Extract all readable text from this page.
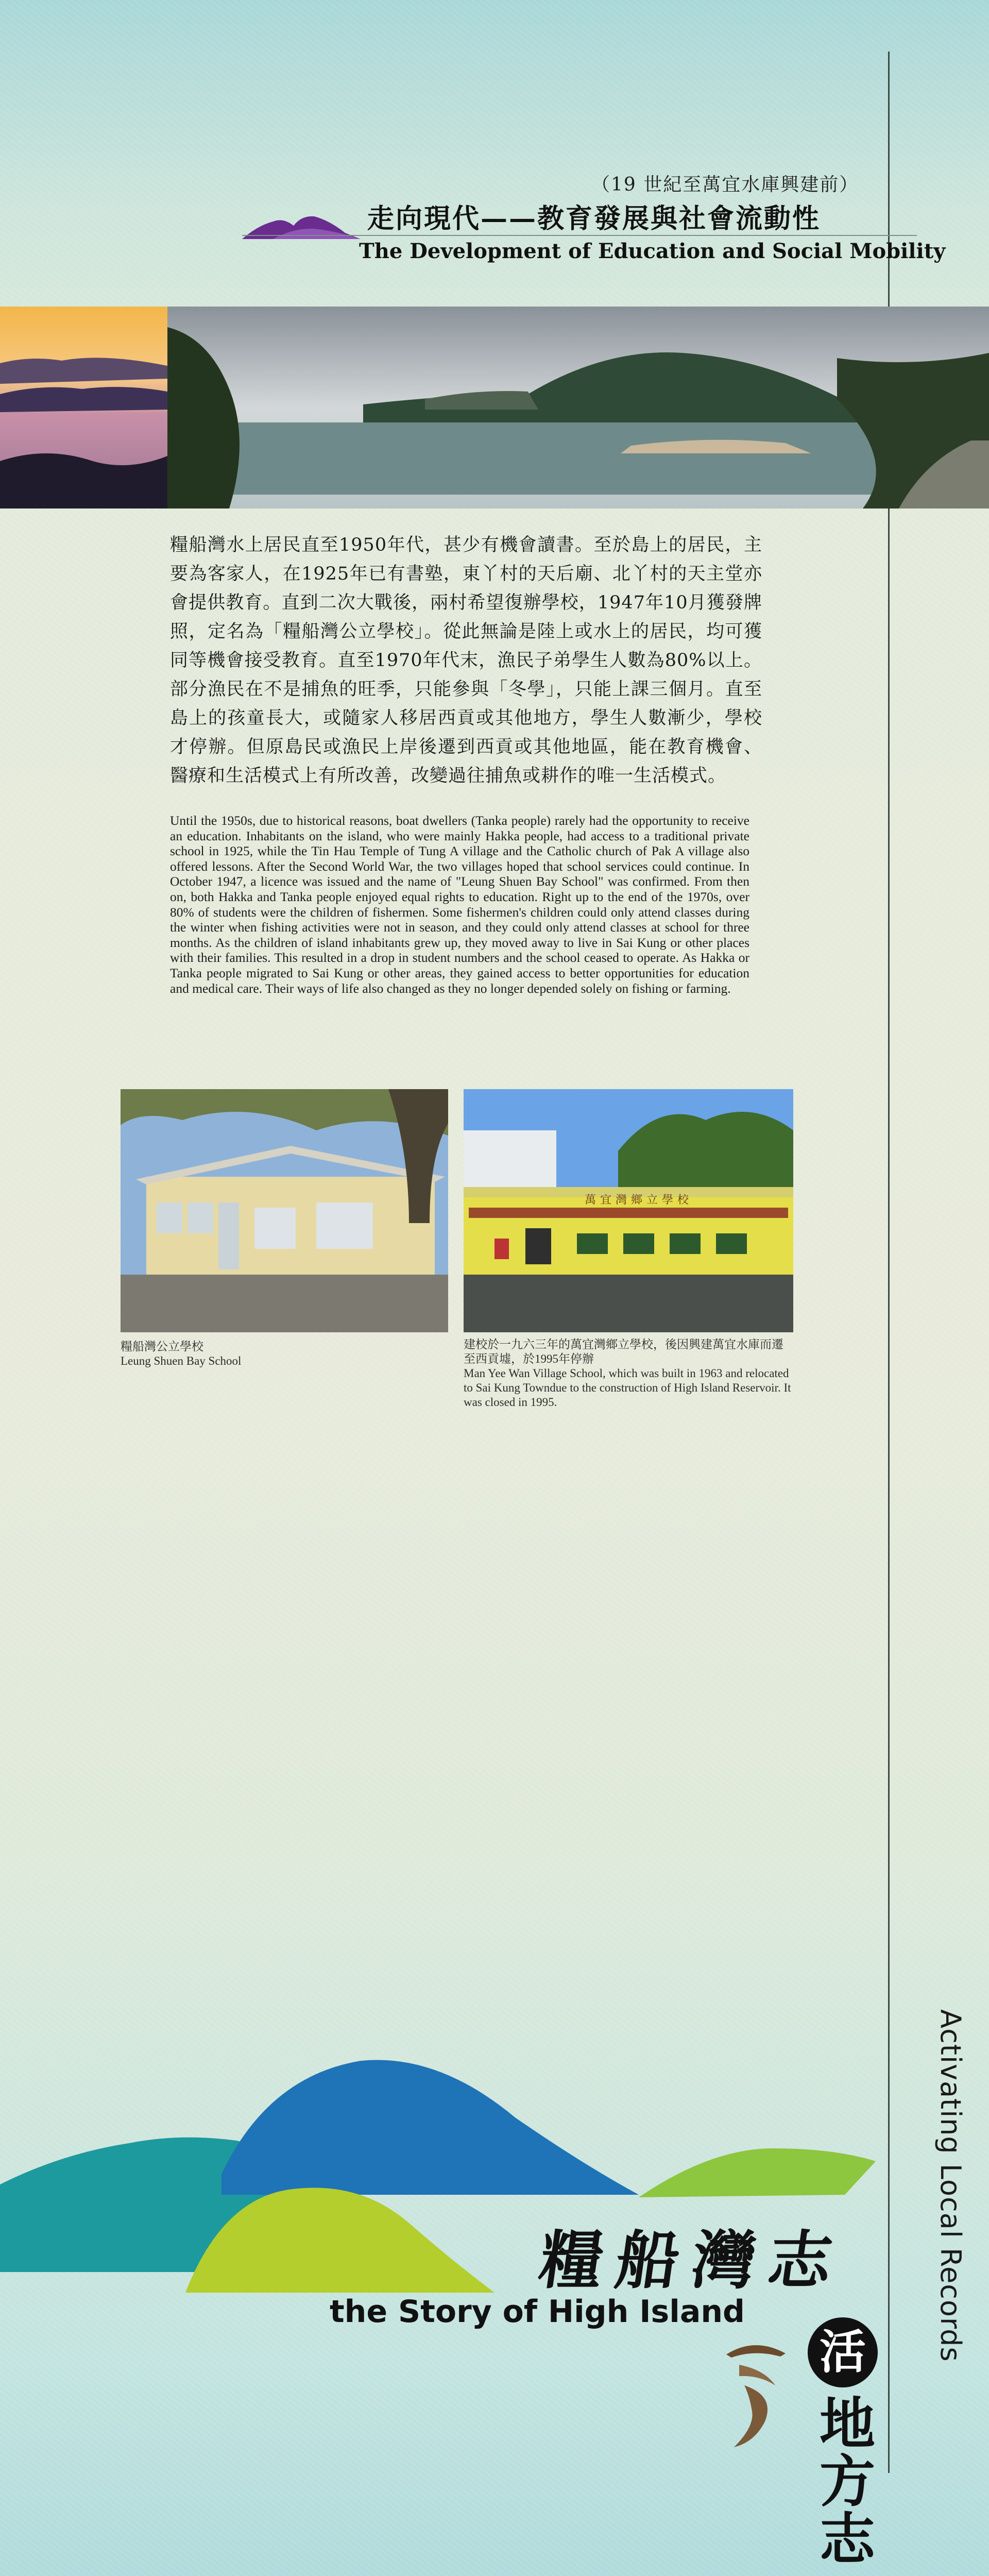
（19 世紀至萬宜水庫興建前）
走向現代——教育發展與社會流動性
The Development of Education and Social Mobility
糧船灣水上居民直至1950年代，甚少有機會讀書。至於島上的居民，主要為客家人，在1925年已有書塾，東丫村的天后廟、北丫村的天主堂亦會提供教育。直到二次大戰後，兩村希望復辦學校，1947年10月獲發牌照，定名為「糧船灣公立學校」。從此無論是陸上或水上的居民，均可獲同等機會接受教育。直至1970年代末，漁民子弟學生人數為80%以上。部分漁民在不是捕魚的旺季，只能參與「冬學」，只能上課三個月。直至島上的孩童長大，或隨家人移居西貢或其他地方，學生人數漸少，學校才停辦。但原島民或漁民上岸後遷到西貢或其他地區，能在教育機會、醫療和生活模式上有所改善，改變過往捕魚或耕作的唯一生活模式。
Until the 1950s, due to historical reasons, boat dwellers (Tanka people) rarely had the opportunity to receive an education. Inhabitants on the island, who were mainly Hakka people, had access to a traditional private school in 1925, while the Tin Hau Temple of Tung A village and the Catholic church of Pak A village also offered lessons. After the Second World War, the two villages hoped that school services could continue. In October 1947, a licence was issued and the name of "Leung Shuen Bay School" was confirmed. From then on, both Hakka and Tanka people enjoyed equal rights to education. Right up to the end of the 1970s, over 80% of students were the children of fishermen. Some fishermen's children could only attend classes during the winter when fishing activities were not in season, and they could only attend classes at school for three months. As the children of island inhabitants grew up, they moved away to live in Sai Kung or other places with their families. This resulted in a drop in student numbers and the school ceased to operate. As Hakka or Tanka people migrated to Sai Kung or other areas, they gained access to better opportunities for education and medical care. Their ways of life also changed as they no longer depended solely on fishing or farming.
萬宜灣鄉立學校
糧船灣公立學校
Leung Shuen Bay School
建校於一九六三年的萬宜灣鄉立學校，後因興建萬宜水庫而遷至西貢墟，於1995年停辦
Man Yee Wan Village School, which was built in 1963 and relocated to Sai Kung Towndue to the construction of High Island Reservoir. It was closed in 1995.
糧船灣志
the Story of High Island
活
地方志
Activating Local Records
